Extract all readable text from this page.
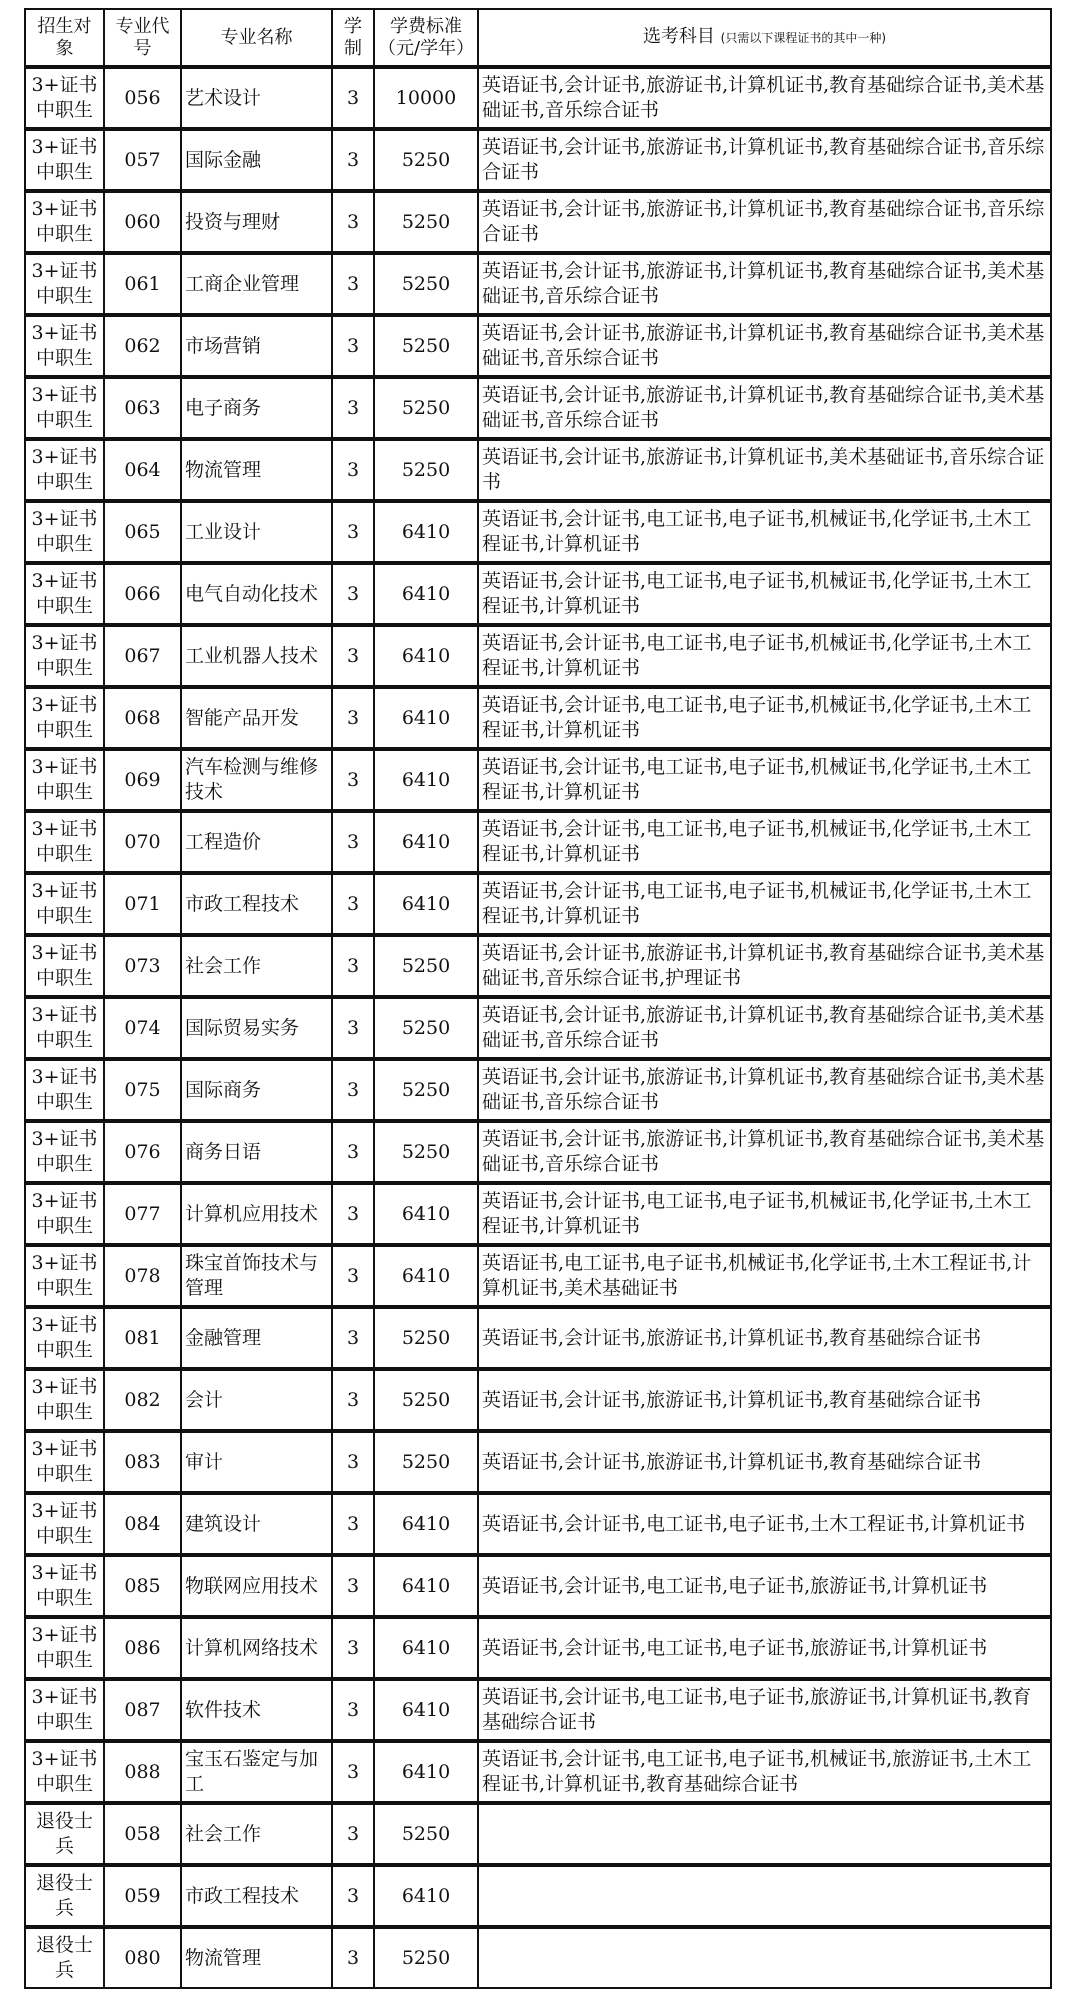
招生对象	专业代号	专业名称	学制	学费标准（元/学年）	选考科目 (只需以下课程证书的其中一种)
3+证书中职生	056	艺术设计	3	10000	英语证书,会计证书,旅游证书,计算机证书,教育基础综合证书,美术基础证书,音乐综合证书
3+证书中职生	057	国际金融	3	5250	英语证书,会计证书,旅游证书,计算机证书,教育基础综合证书,音乐综合证书
3+证书中职生	060	投资与理财	3	5250	英语证书,会计证书,旅游证书,计算机证书,教育基础综合证书,音乐综合证书
3+证书中职生	061	工商企业管理	3	5250	英语证书,会计证书,旅游证书,计算机证书,教育基础综合证书,美术基础证书,音乐综合证书
3+证书中职生	062	市场营销	3	5250	英语证书,会计证书,旅游证书,计算机证书,教育基础综合证书,美术基础证书,音乐综合证书
3+证书中职生	063	电子商务	3	5250	英语证书,会计证书,旅游证书,计算机证书,教育基础综合证书,美术基础证书,音乐综合证书
3+证书中职生	064	物流管理	3	5250	英语证书,会计证书,旅游证书,计算机证书,美术基础证书,音乐综合证书
3+证书中职生	065	工业设计	3	6410	英语证书,会计证书,电工证书,电子证书,机械证书,化学证书,土木工程证书,计算机证书
3+证书中职生	066	电气自动化技术	3	6410	英语证书,会计证书,电工证书,电子证书,机械证书,化学证书,土木工程证书,计算机证书
3+证书中职生	067	工业机器人技术	3	6410	英语证书,会计证书,电工证书,电子证书,机械证书,化学证书,土木工程证书,计算机证书
3+证书中职生	068	智能产品开发	3	6410	英语证书,会计证书,电工证书,电子证书,机械证书,化学证书,土木工程证书,计算机证书
3+证书中职生	069	汽车检测与维修技术	3	6410	英语证书,会计证书,电工证书,电子证书,机械证书,化学证书,土木工程证书,计算机证书
3+证书中职生	070	工程造价	3	6410	英语证书,会计证书,电工证书,电子证书,机械证书,化学证书,土木工程证书,计算机证书
3+证书中职生	071	市政工程技术	3	6410	英语证书,会计证书,电工证书,电子证书,机械证书,化学证书,土木工程证书,计算机证书
3+证书中职生	073	社会工作	3	5250	英语证书,会计证书,旅游证书,计算机证书,教育基础综合证书,美术基础证书,音乐综合证书,护理证书
3+证书中职生	074	国际贸易实务	3	5250	英语证书,会计证书,旅游证书,计算机证书,教育基础综合证书,美术基础证书,音乐综合证书
3+证书中职生	075	国际商务	3	5250	英语证书,会计证书,旅游证书,计算机证书,教育基础综合证书,美术基础证书,音乐综合证书
3+证书中职生	076	商务日语	3	5250	英语证书,会计证书,旅游证书,计算机证书,教育基础综合证书,美术基础证书,音乐综合证书
3+证书中职生	077	计算机应用技术	3	6410	英语证书,会计证书,电工证书,电子证书,机械证书,化学证书,土木工程证书,计算机证书
3+证书中职生	078	珠宝首饰技术与管理	3	6410	英语证书,电工证书,电子证书,机械证书,化学证书,土木工程证书,计算机证书,美术基础证书
3+证书中职生	081	金融管理	3	5250	英语证书,会计证书,旅游证书,计算机证书,教育基础综合证书
3+证书中职生	082	会计	3	5250	英语证书,会计证书,旅游证书,计算机证书,教育基础综合证书
3+证书中职生	083	审计	3	5250	英语证书,会计证书,旅游证书,计算机证书,教育基础综合证书
3+证书中职生	084	建筑设计	3	6410	英语证书,会计证书,电工证书,电子证书,土木工程证书,计算机证书
3+证书中职生	085	物联网应用技术	3	6410	英语证书,会计证书,电工证书,电子证书,旅游证书,计算机证书
3+证书中职生	086	计算机网络技术	3	6410	英语证书,会计证书,电工证书,电子证书,旅游证书,计算机证书
3+证书中职生	087	软件技术	3	6410	英语证书,会计证书,电工证书,电子证书,旅游证书,计算机证书,教育基础综合证书
3+证书中职生	088	宝玉石鉴定与加工	3	6410	英语证书,会计证书,电工证书,电子证书,机械证书,旅游证书,土木工程证书,计算机证书,教育基础综合证书
退役士兵	058	社会工作	3	5250	
退役士兵	059	市政工程技术	3	6410	
退役士兵	080	物流管理	3	5250	
